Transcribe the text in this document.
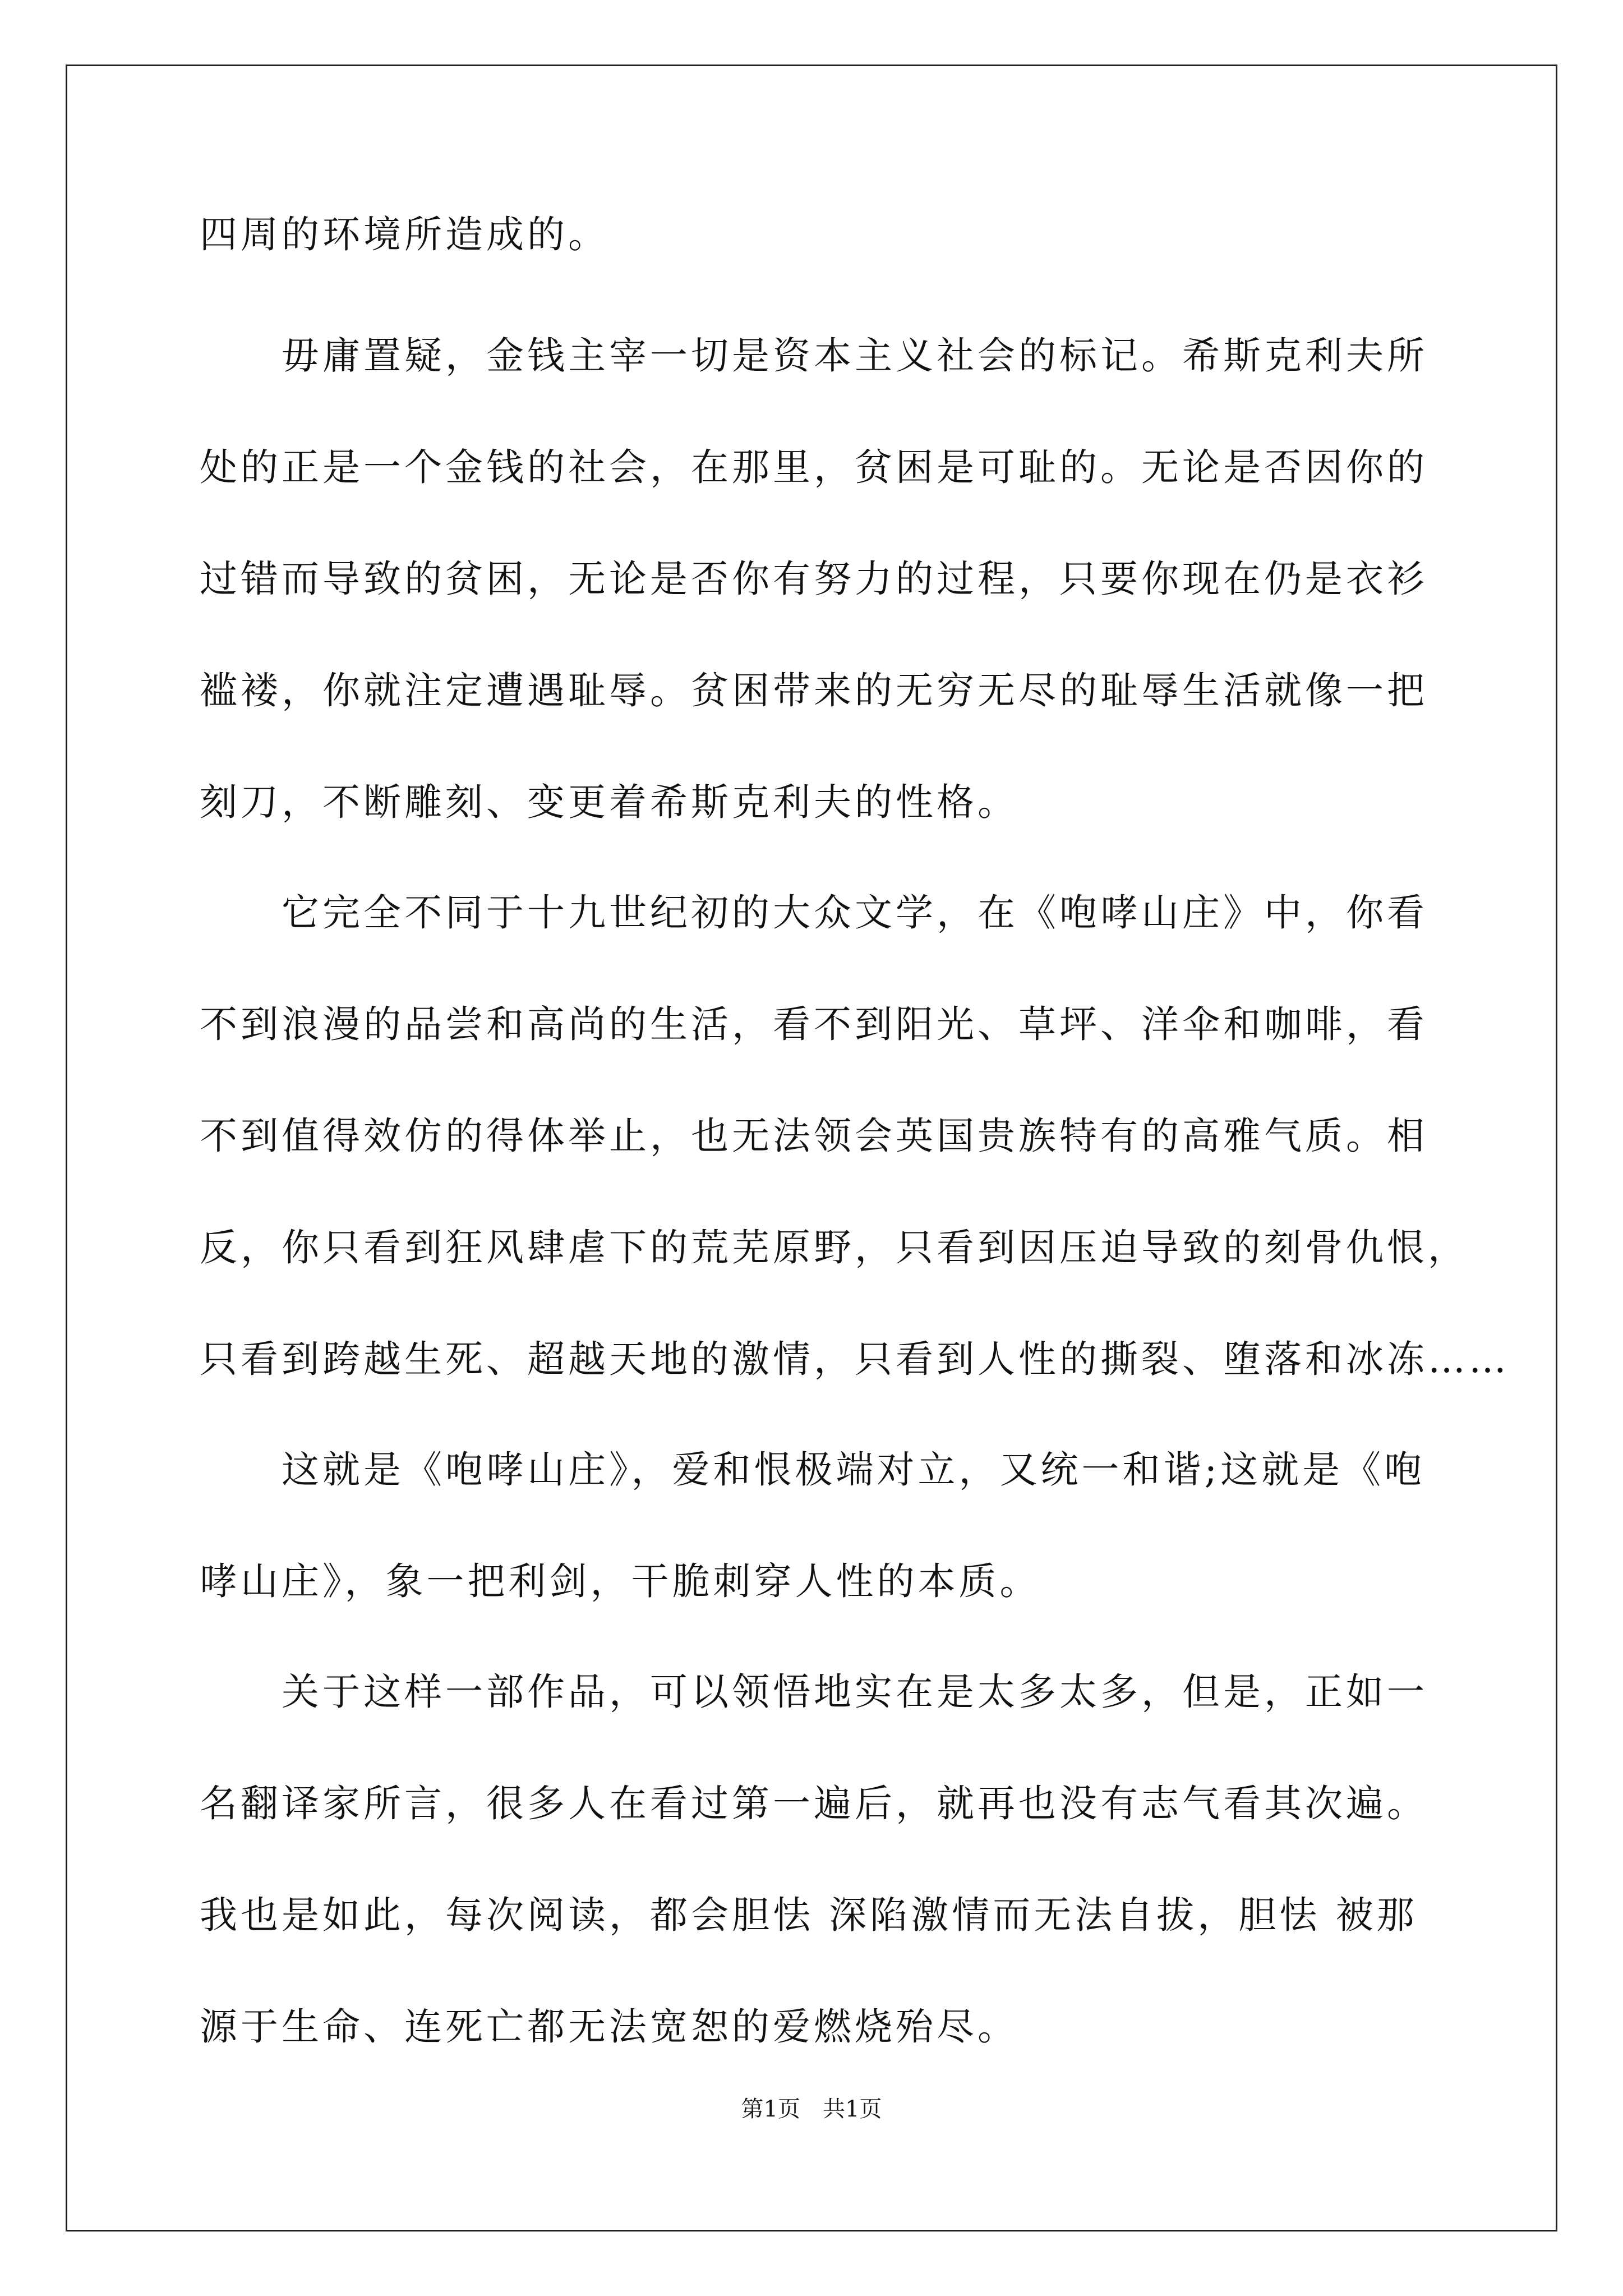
四周的环境所造成的。
　　毋庸置疑，金钱主宰一切是资本主义社会的标记。希斯克利夫所
处的正是一个金钱的社会，在那里，贫困是可耻的。无论是否因你的
过错而导致的贫困，无论是否你有努力的过程，只要你现在仍是衣衫
褴褛，你就注定遭遇耻辱。贫困带来的无穷无尽的耻辱生活就像一把
刻刀，不断雕刻、变更着希斯克利夫的性格。
　　它完全不同于十九世纪初的大众文学，在《咆哮山庄》中，你看
不到浪漫的品尝和高尚的生活，看不到阳光、草坪、洋伞和咖啡，看
不到值得效仿的得体举止，也无法领会英国贵族特有的高雅气质。相
反，你只看到狂风肆虐下的荒芜原野，只看到因压迫导致的刻骨仇恨，
只看到跨越生死、超越天地的激情，只看到人性的撕裂、堕落和冰冻……
　　这就是《咆哮山庄》，爱和恨极端对立，又统一和谐;这就是《咆
哮山庄》，象一把利剑，干脆刺穿人性的本质。
　　关于这样一部作品，可以领悟地实在是太多太多，但是，正如一
名翻译家所言，很多人在看过第一遍后，就再也没有志气看其次遍。
我也是如此，每次阅读，都会胆怯 深陷激情而无法自拔，胆怯 被那
源于生命、连死亡都无法宽恕的爱燃烧殆尽。
第1页　共1页
